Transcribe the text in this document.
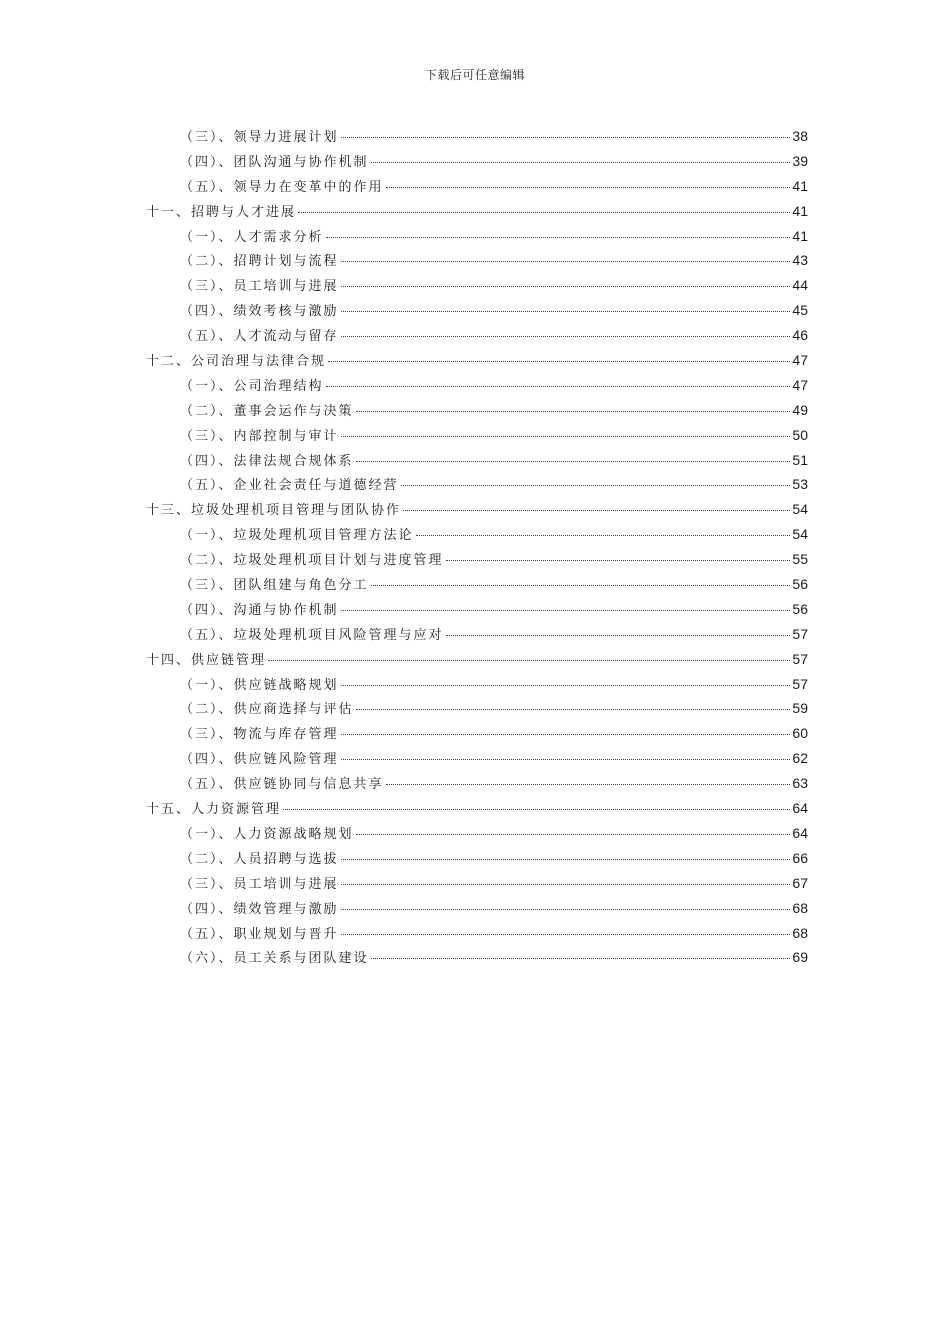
下载后可任意编辑
（三）、领导力进展计划	38
（四）、团队沟通与协作机制	39
（五）、领导力在变革中的作用	41
十一、招聘与人才进展	41
（一）、人才需求分析	41
（二）、招聘计划与流程	43
（三）、员工培训与进展	44
（四）、绩效考核与激励	45
（五）、人才流动与留存	46
十二、公司治理与法律合规	47
（一）、公司治理结构	47
（二）、董事会运作与决策	49
（三）、内部控制与审计	50
（四）、法律法规合规体系	51
（五）、企业社会责任与道德经营	53
十三、垃圾处理机项目管理与团队协作	54
（一）、垃圾处理机项目管理方法论	54
（二）、垃圾处理机项目计划与进度管理	55
（三）、团队组建与角色分工	56
（四）、沟通与协作机制	56
（五）、垃圾处理机项目风险管理与应对	57
十四、供应链管理	57
（一）、供应链战略规划	57
（二）、供应商选择与评估	59
（三）、物流与库存管理	60
（四）、供应链风险管理	62
（五）、供应链协同与信息共享	63
十五、人力资源管理	64
（一）、人力资源战略规划	64
（二）、人员招聘与选拔	66
（三）、员工培训与进展	67
（四）、绩效管理与激励	68
（五）、职业规划与晋升	68
（六）、员工关系与团队建设	69
